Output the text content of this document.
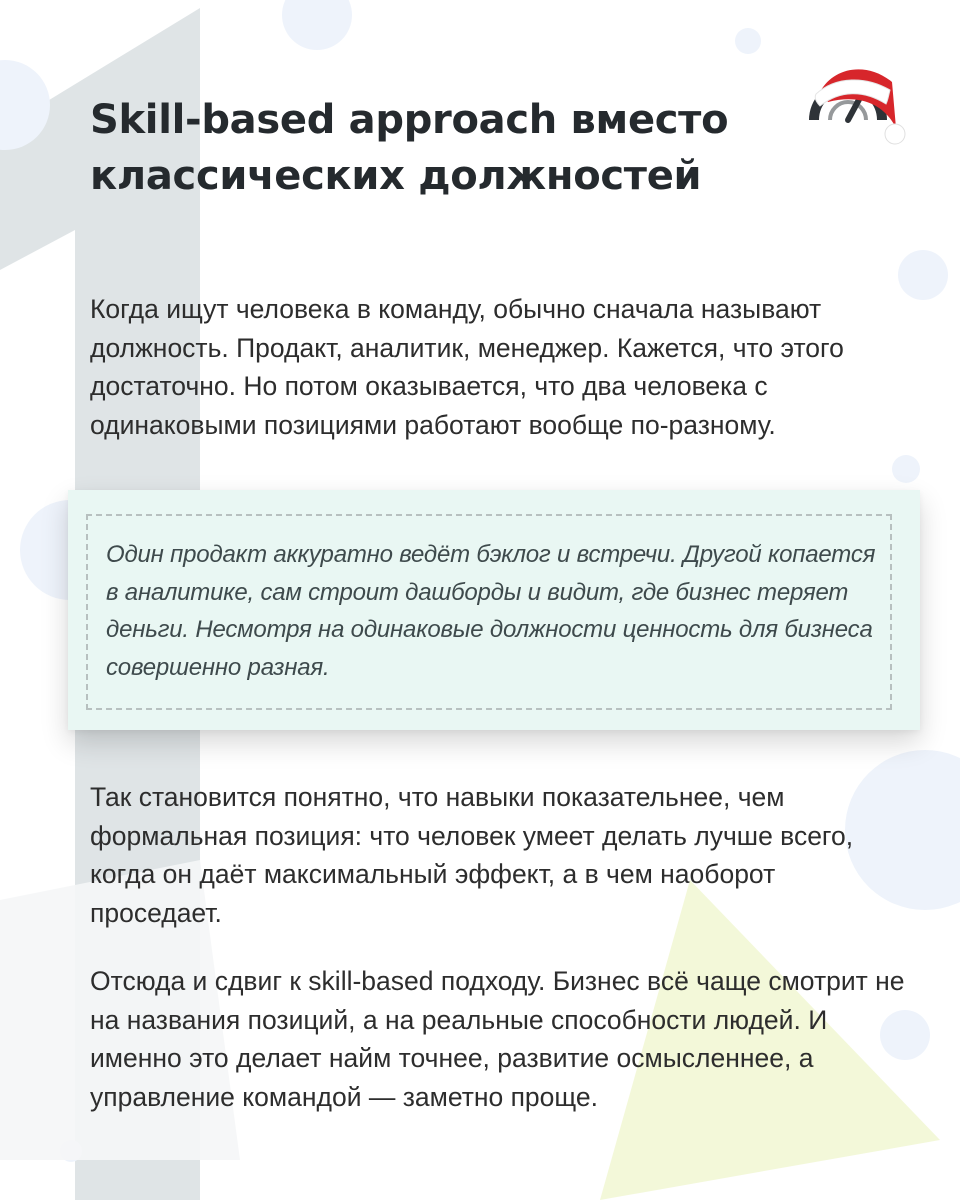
Skill-based approach вместо классических должностей

Когда ищут человека в команду, обычно сначала называют должность. Продакт, аналитик, менеджер. Кажется, что этого достаточно. Но потом оказывается, что два человека с одинаковыми позициями работают вообще по-разному.

Один продакт аккуратно ведёт бэклог и встречи. Другой копается в аналитике, сам строит дашборды и видит, где бизнес теряет деньги. Несмотря на одинаковые должности ценность для бизнеса совершенно разная.

Так становится понятно, что навыки показательнее, чем формальная позиция: что человек умеет делать лучше всего, когда он даёт максимальный эффект, а в чем наоборот проседает.

Отсюда и сдвиг к skill-based подходу. Бизнес всё чаще смотрит не на названия позиций, а на реальные способности людей. И именно это делает найм точнее, развитие осмысленнее, а управление командой — заметно проще.
